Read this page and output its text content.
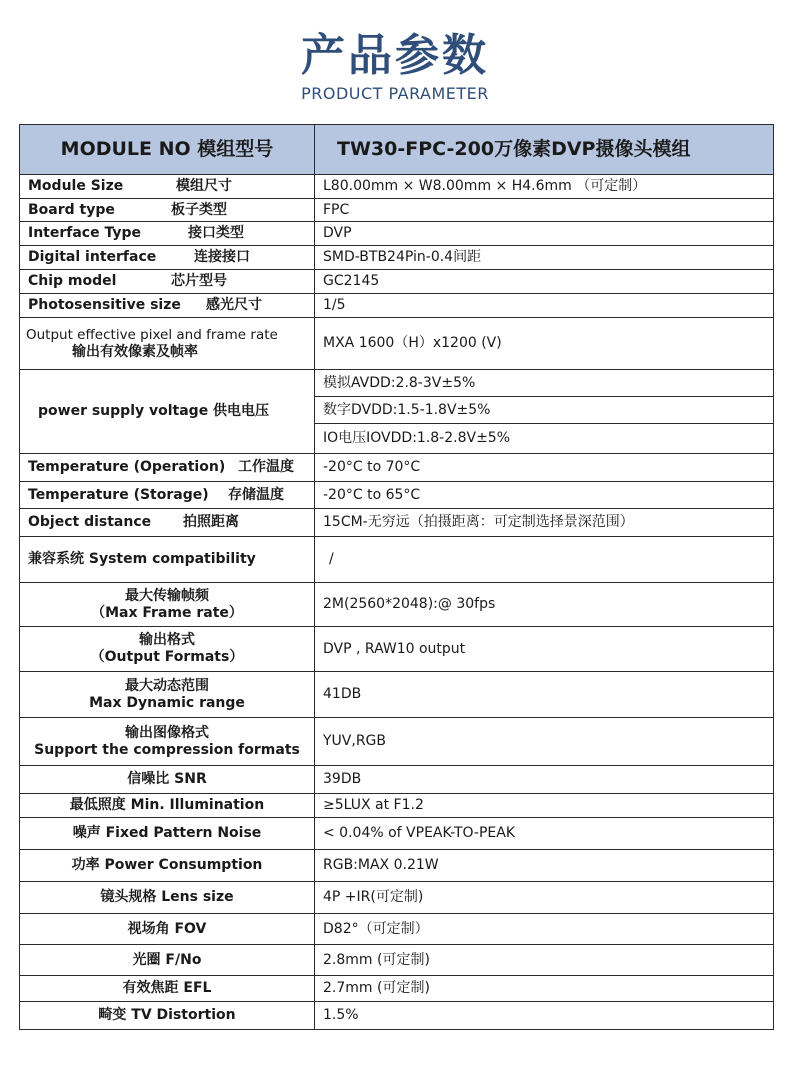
产品参数
PRODUCT PARAMETER
MODULE NO 模组型号	TW30-FPC-200万像素DVP摄像头模组
Module Size 模组尺寸	L80.00mm × W8.00mm × H4.6mm （可定制）
Board type 板子类型	FPC
Interface Type 接口类型	DVP
Digital interface 连接接口	SMD-BTB24Pin-0.4间距
Chip model 芯片型号	GC2145
Photosensitive size 感光尺寸	1/5

Output effective pixel and frame rate
输出有效像素及帧率	MXA 1600（H）x1200 (V)
power supply voltage 供电电压	模拟AVDD:2.8-3V±5%
	数字DVDD:1.5-1.8V±5%
	IO电压IOVDD:1.8-2.8V±5%
Temperature (Operation) 工作温度	-20°C to 70°C
Temperature (Storage) 存储温度	-20°C to 65°C
Object distance 拍照距离	15CM-无穷远（拍摄距离：可定制选择景深范围）
兼容系统 System compatibility	/

最大传输帧频
（Max Frame rate）	2M(2560*2048):@ 30fps

输出格式
（Output Formats）	DVP , RAW10 output

最大动态范围
Max Dynamic range	41DB

输出图像格式
Support the compression formats	YUV,RGB
信噪比 SNR	39DB
最低照度 Min. Illumination	≥5LUX at F1.2
噪声 Fixed Pattern Noise	< 0.04% of VPEAK-TO-PEAK
功率 Power Consumption	RGB:MAX 0.21W
镜头规格 Lens size	4P +IR(可定制)
视场角 FOV	D82°（可定制）
光圈 F/No	2.8mm (可定制)
有效焦距 EFL	2.7mm (可定制)
畸变 TV Distortion	1.5%
